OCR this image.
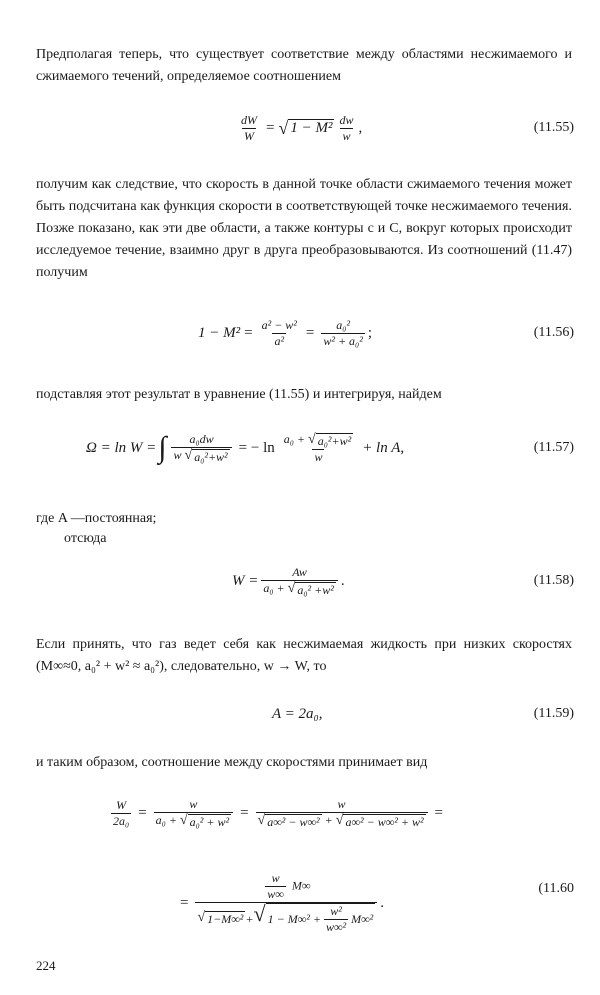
Предполагая теперь, что существует соответствие между областями несжимаемого и сжимаемого течений, определяемое соотношением
$\frac{dW}{W}$ = √ $1 - M^2 \frac{dw}{w}$ ,	(11.55)
получим как следствие, что скорость в данной точке области сжимаемого течения может быть подсчитана как функция скорости в соответствующей точке несжимаемого течения. Позже показано, как эти две области, а также контуры c и C, вокруг которых происходит исследуемое течение, взаимно друг в друга преобразовываются. Из соотношений (11.47) получим
$1 - M^2 = \frac{\text{a² − w²}}{\text{a²}} = \frac{\text{a₀²}}{\text{w² + a₀²}}$ ;	(11.56)
подставляя этот результат в уравнение (11.55) и интегрируя, найдем
Ω = ln W = ∫ $\frac{\text{a₀dw}}{\text{w √ a₀²+w²}}$ = − $\ln \frac{\text{a₀ + √ a₀²+w²}}{w} + \ln A$,	(11.57)
где A —постоянная;
отсюда
$W = \frac{Aw}{\text{a₀ + √ a₀² +w²}}$ .	(11.58)
Если принять, что газ ведет себя как несжимаемая жидкость при низких скоростях (M∞≈0, a₀² + w² ≈ a₀²), следовательно, w → W, то
A = 2a₀,	(11.59)
и таким образом, соотношение между скоростями принимает вид
$\frac{W}{\text{2a₀}} = \frac{w}{\text{a₀ + √ a₀² + w²}} = \frac{w}{\text{√ a∞² − w∞² + √ a∞² − w∞² + w²}}$ =
=
$\frac{w}{w\infty} M\infty$
√ 1−M∞² + √ $1 - M\infty^2 + \frac{\text{w²}}{\text{w∞²}} M\infty^2$
.
(11.60
224
